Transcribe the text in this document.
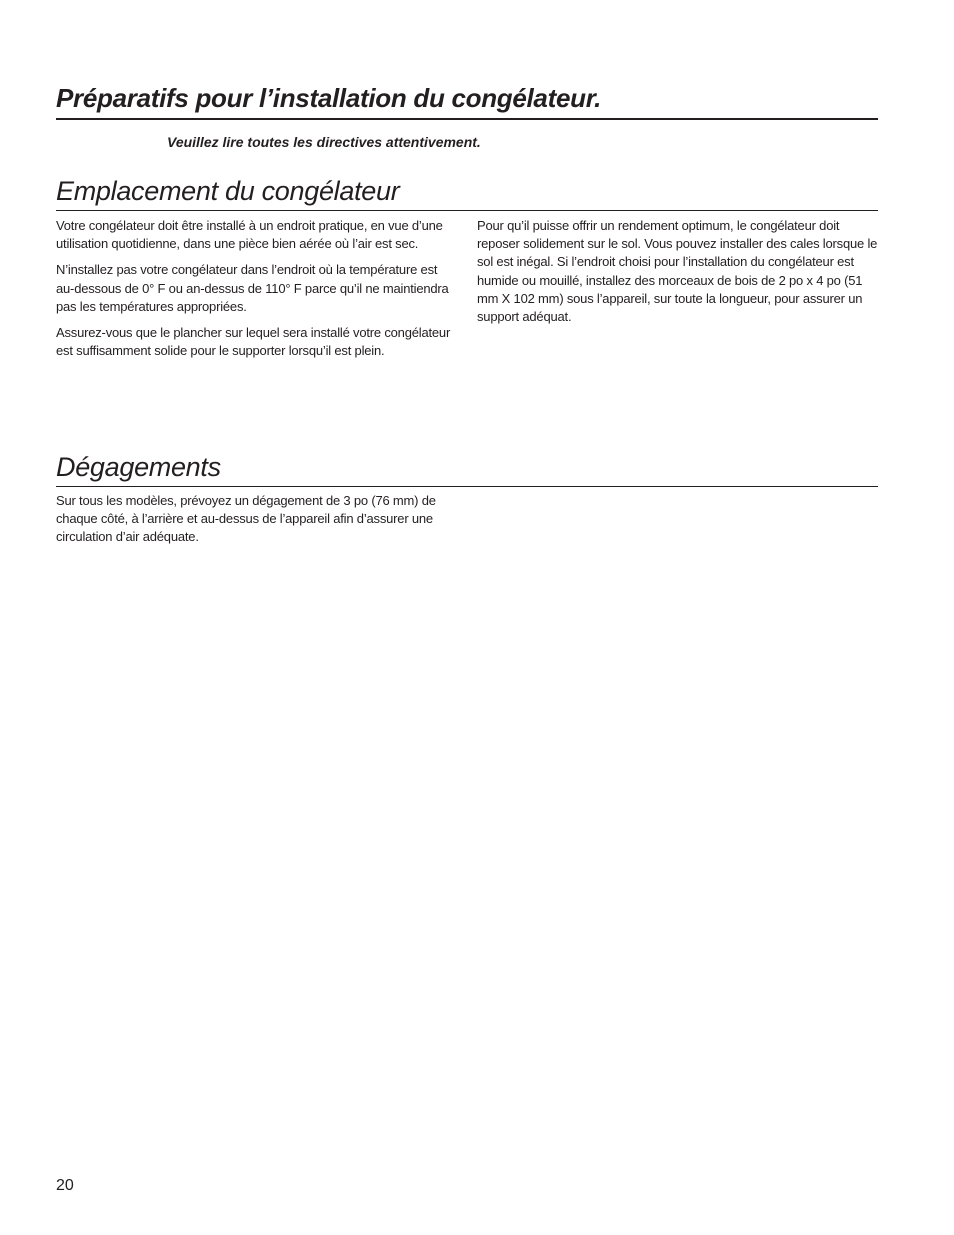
Préparatifs pour l’installation du congélateur.

Veuillez lire toutes les directives attentivement.

Emplacement du congélateur

Votre congélateur doit être installé à un endroit pratique, en vue d’une utilisation quotidienne, dans une pièce bien aérée où l’air est sec.

N’installez pas votre congélateur dans l’endroit où la température est au-dessous de 0° F ou an-dessus de 110° F parce qu’il ne maintiendra pas les températures appropriées.

Assurez-vous que le plancher sur lequel sera installé votre congélateur est suffisamment solide pour le supporter lorsqu’il est plein.

Pour qu’il puisse offrir un rendement optimum, le congélateur doit reposer solidement sur le sol. Vous pouvez installer des cales lorsque le sol est inégal. Si l’endroit choisi pour l’installation du congélateur est humide ou mouillé, installez des morceaux de bois de 2 po x 4 po (51 mm X 102 mm) sous l’appareil, sur toute la longueur, pour assurer un support adéquat.

Dégagements

Sur tous les modèles, prévoyez un dégagement de 3 po (76 mm) de chaque côté, à l’arrière et au-dessus de l’appareil afin d’assurer une circulation d’air adéquate.

20
